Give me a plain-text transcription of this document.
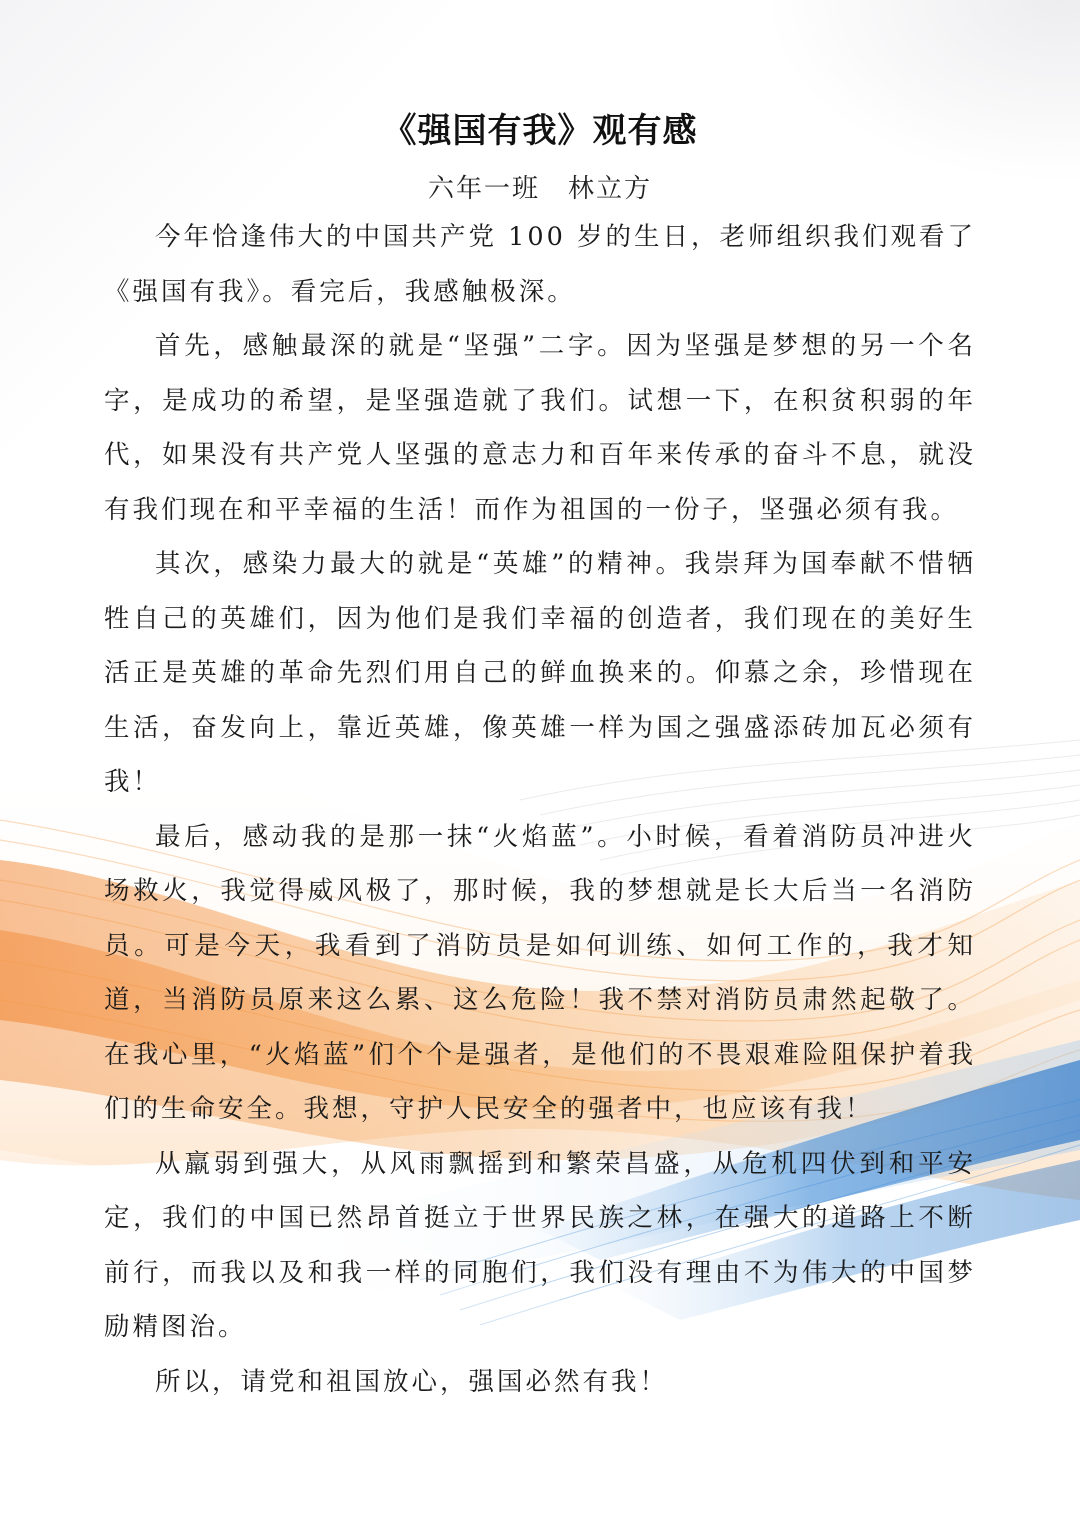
《强国有我》观有感
六年一班　林立方

今年恰逢伟大的中国共产党 100 岁的生日，老师组织我们观看了《强国有我》。看完后，我感触极深。

首先，感触最深的就是“坚强”二字。因为坚强是梦想的另一个名字，是成功的希望，是坚强造就了我们。试想一下，在积贫积弱的年代，如果没有共产党人坚强的意志力和百年来传承的奋斗不息，就没有我们现在和平幸福的生活！而作为祖国的一份子，坚强必须有我。

其次，感染力最大的就是“英雄”的精神。我崇拜为国奉献不惜牺牲自己的英雄们，因为他们是我们幸福的创造者，我们现在的美好生活正是英雄的革命先烈们用自己的鲜血换来的。仰慕之余，珍惜现在生活，奋发向上，靠近英雄，像英雄一样为国之强盛添砖加瓦必须有我！

最后，感动我的是那一抹“火焰蓝”。小时候，看着消防员冲进火场救火，我觉得威风极了，那时候，我的梦想就是长大后当一名消防员。可是今天，我看到了消防员是如何训练、如何工作的，我才知道，当消防员原来这么累、这么危险！我不禁对消防员肃然起敬了。在我心里，“火焰蓝”们个个是强者，是他们的不畏艰难险阻保护着我们的生命安全。我想，守护人民安全的强者中，也应该有我！

从羸弱到强大，从风雨飘摇到和繁荣昌盛，从危机四伏到和平安定，我们的中国已然昂首挺立于世界民族之林，在强大的道路上不断前行，而我以及和我一样的同胞们，我们没有理由不为伟大的中国梦励精图治。

所以，请党和祖国放心，强国必然有我！
